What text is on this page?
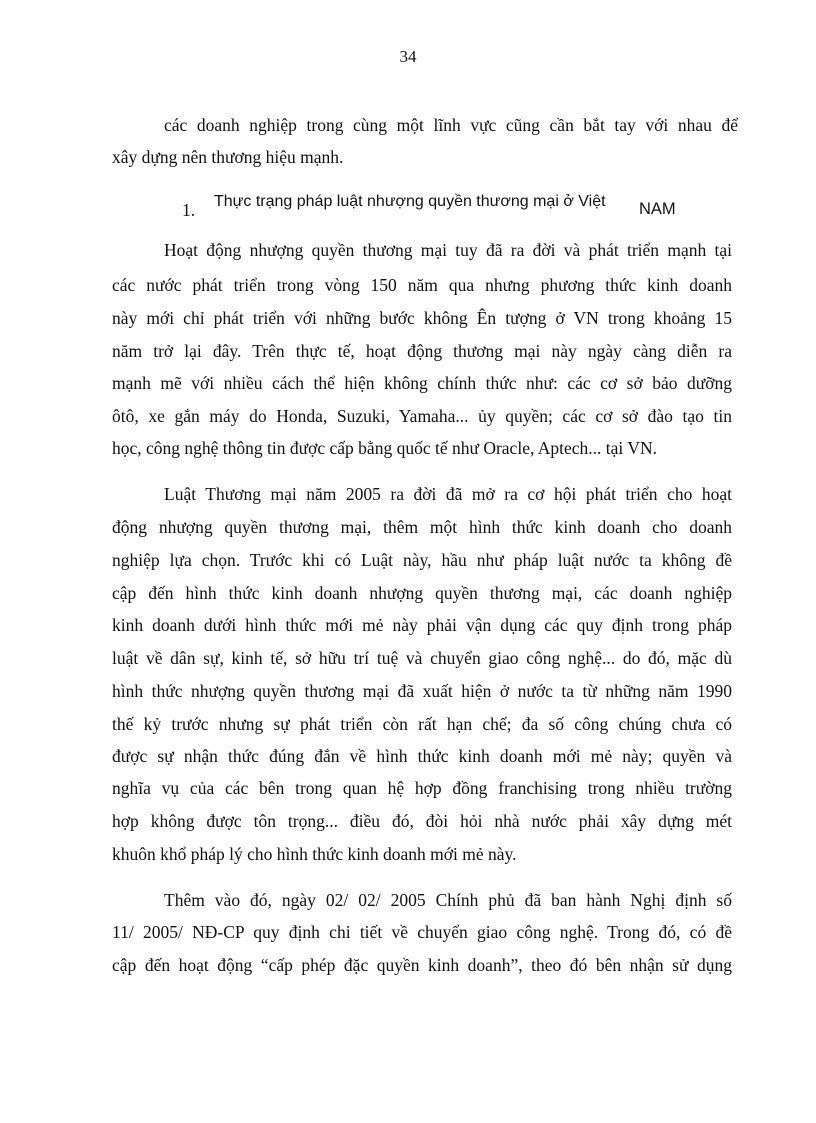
34
các doanh nghiệp trong cùng một lĩnh vực cũng cần bắt tay với nhau để
xây dựng nên thương hiệu mạnh.
1. Thực trạng pháp luật nhượng quyền thương mại ở Việt NAM
Hoạt động nhượng quyền thương mại tuy đã ra đời và phát triển mạnh tại
các nước phát triển trong vòng 150 năm qua nhưng phương thức kinh doanh
này mới chỉ phát triển với những bước không Ên tượng ở VN trong khoảng 15
năm trở lại đây. Trên thực tế, hoạt động thương mại này ngày càng diễn ra
mạnh mẽ với nhiều cách thể hiện không chính thức như: các cơ sở bảo dưỡng
ôtô, xe gắn máy do Honda, Suzuki, Yamaha... ủy quyền; các cơ sở đào tạo tin
học, công nghệ thông tin được cấp bằng quốc tế như Oracle, Aptech... tại VN.
Luật Thương mại năm 2005 ra đời đã mở ra cơ hội phát triển cho hoạt
động nhượng quyền thương mại, thêm một hình thức kinh doanh cho doanh
nghiệp lựa chọn. Trước khi có Luật này, hầu như pháp luật nước ta không đề
cập đến hình thức kinh doanh nhượng quyền thương mại, các doanh nghiệp
kinh doanh dưới hình thức mới mẻ này phải vận dụng các quy định trong pháp
luật về dân sự, kinh tế, sở hữu trí tuệ và chuyển giao công nghệ... do đó, mặc dù
hình thức nhượng quyền thương mại đã xuất hiện ở nước ta từ những năm 1990
thế kỷ trước nhưng sự phát triển còn rất hạn chế; đa số công chúng chưa có
được sự nhận thức đúng đắn về hình thức kinh doanh mới mẻ này; quyền và
nghĩa vụ của các bên trong quan hệ hợp đồng franchising trong nhiều trường
hợp không được tôn trọng... điều đó, đòi hỏi nhà nước phải xây dựng mét
khuôn khổ pháp lý cho hình thức kinh doanh mới mẻ này.
Thêm vào đó, ngày 02/ 02/ 2005 Chính phủ đã ban hành Nghị định số
11/ 2005/ NĐ-CP quy định chi tiết về chuyển giao công nghệ. Trong đó, có đề
cập đến hoạt động “cấp phép đặc quyền kinh doanh”, theo đó bên nhận sử dụng
